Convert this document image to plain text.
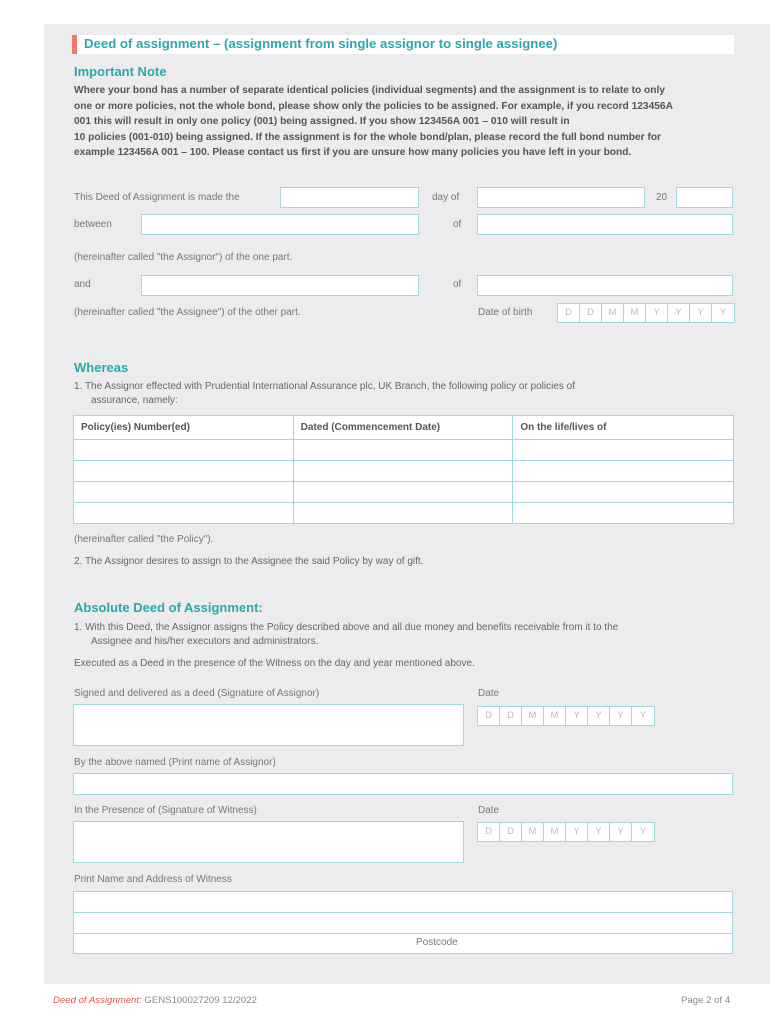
Deed of assignment – (assignment from single assignor to single assignee)
Important Note
Where your bond has a number of separate identical policies (individual segments) and the assignment is to relate to only
one or more policies, not the whole bond, please show only the policies to be assigned. For example, if you record 123456A
001 this will result in only one policy (001) being assigned. If you show 123456A 001 – 010 will result in
10 policies (001-010) being assigned. If the assignment is for the whole bond/plan, please record the full bond number for
example 123456A 001 – 100. Please contact us first if you are unsure how many policies you have left in your bond.
This Deed of Assignment is made the	day of	20
between	of
(hereinafter called "the Assignor") of the one part.
and	of
(hereinafter called "the Assignee") of the other part.	Date of birth	D	D	M	M	Y	Y	Y	Y
Whereas
1. The Assignor effected with Prudential International Assurance plc, UK Branch, the following policy or policies of
assurance, namely:
Policy(ies) Number(ed)	Dated (Commencement Date)	On the life/lives of

(hereinafter called "the Policy").
2. The Assignor desires to assign to the Assignee the said Policy by way of gift.
Absolute Deed of Assignment:
1. With this Deed, the Assignor assigns the Policy described above and all due money and benefits receivable from it to the
Assignee and his/her executors and administrators.
Executed as a Deed in the presence of the Witness on the day and year mentioned above.
Signed and delivered as a deed (Signature of Assignor)	Date
D	D	M	M	Y	Y	Y	Y
By the above named (Print name of Assignor)
In the Presence of (Signature of Witness)	Date
D	D	M	M	Y	Y	Y	Y
Print Name and Address of Witness
Postcode
Deed of Assignment: GENS100027209 12/2022	Page 2 of 4
